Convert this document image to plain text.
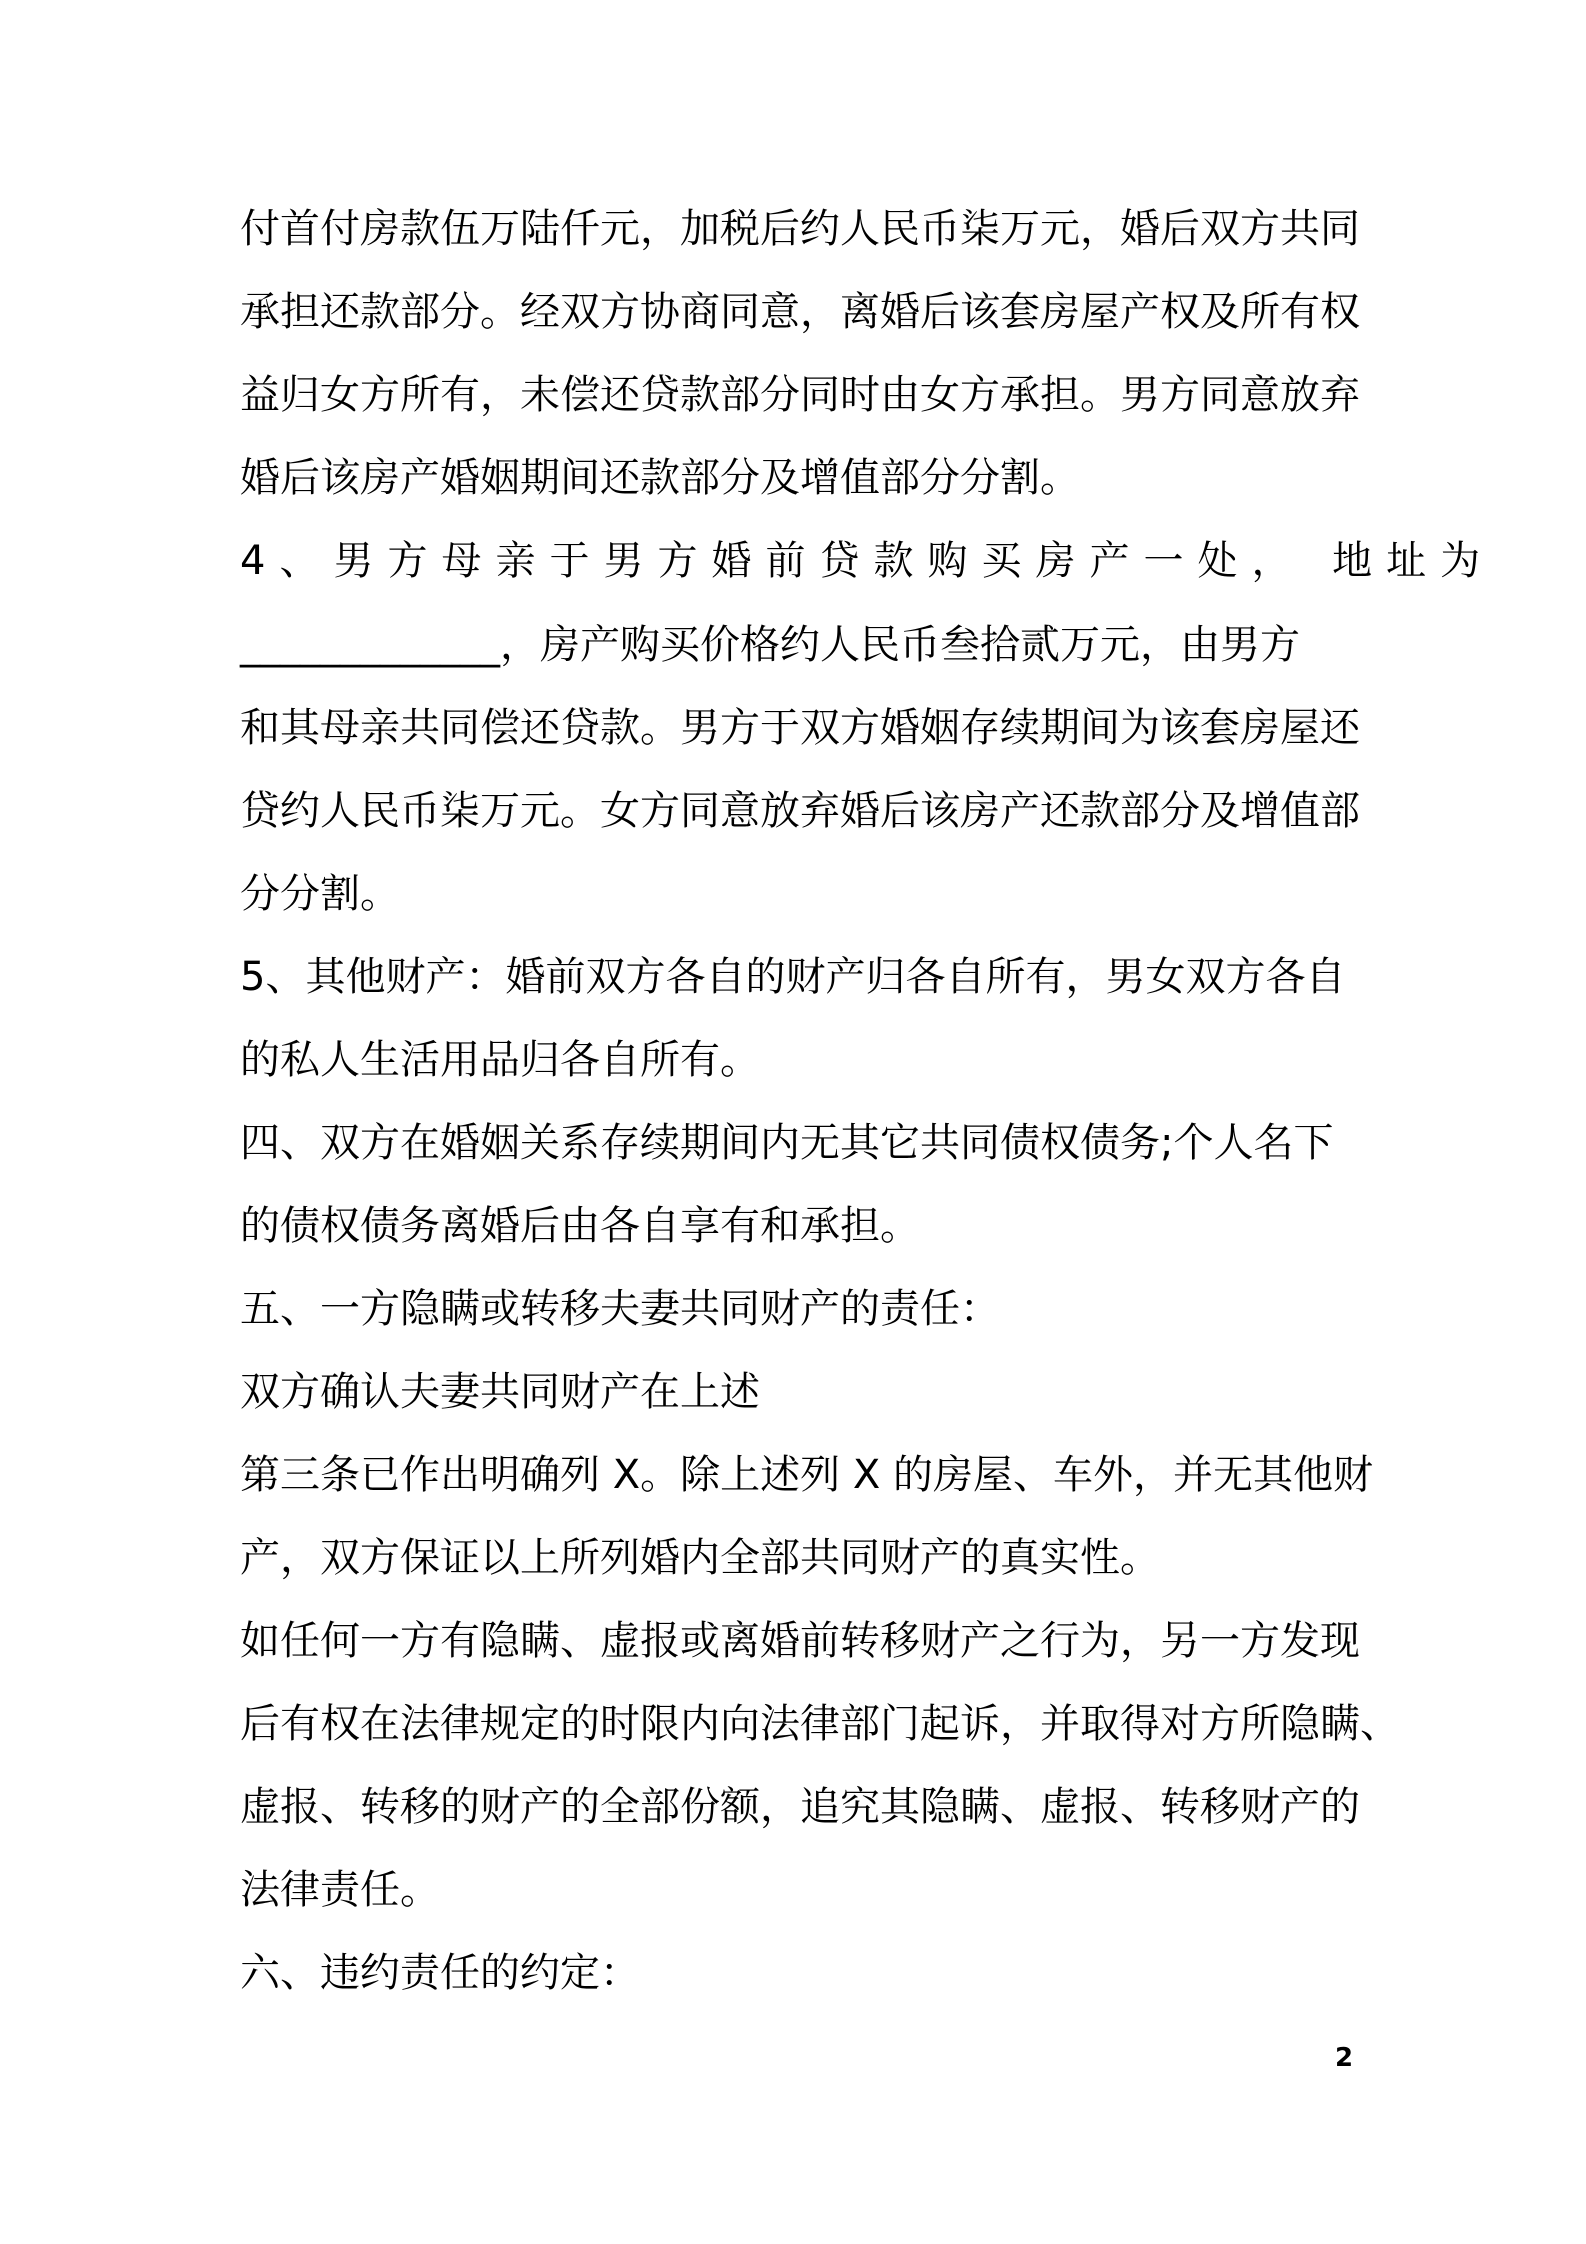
付首付房款伍万陆仟元，加税后约人民币柒万元，婚后双方共同
承担还款部分。经双方协商同意，离婚后该套房屋产权及所有权
益归女方所有，未偿还贷款部分同时由女方承担。男方同意放弃
婚后该房产婚姻期间还款部分及增值部分分割。
4、男方母亲于男方婚前贷款购买房产一处， 地址为
_____________，房产购买价格约人民币叁拾贰万元，由男方
和其母亲共同偿还贷款。男方于双方婚姻存续期间为该套房屋还
贷约人民币柒万元。女方同意放弃婚后该房产还款部分及增值部
分分割。
5、其他财产：婚前双方各自的财产归各自所有，男女双方各自
的私人生活用品归各自所有。
四、双方在婚姻关系存续期间内无其它共同债权债务;个人名下
的债权债务离婚后由各自享有和承担。
五、一方隐瞒或转移夫妻共同财产的责任：
双方确认夫妻共同财产在上述
第三条已作出明确列 X。除上述列 X 的房屋、车外，并无其他财
产，双方保证以上所列婚内全部共同财产的真实性。
如任何一方有隐瞒、虚报或离婚前转移财产之行为，另一方发现
后有权在法律规定的时限内向法律部门起诉，并取得对方所隐瞒、
虚报、转移的财产的全部份额，追究其隐瞒、虚报、转移财产的
法律责任。
六、违约责任的约定：
2
